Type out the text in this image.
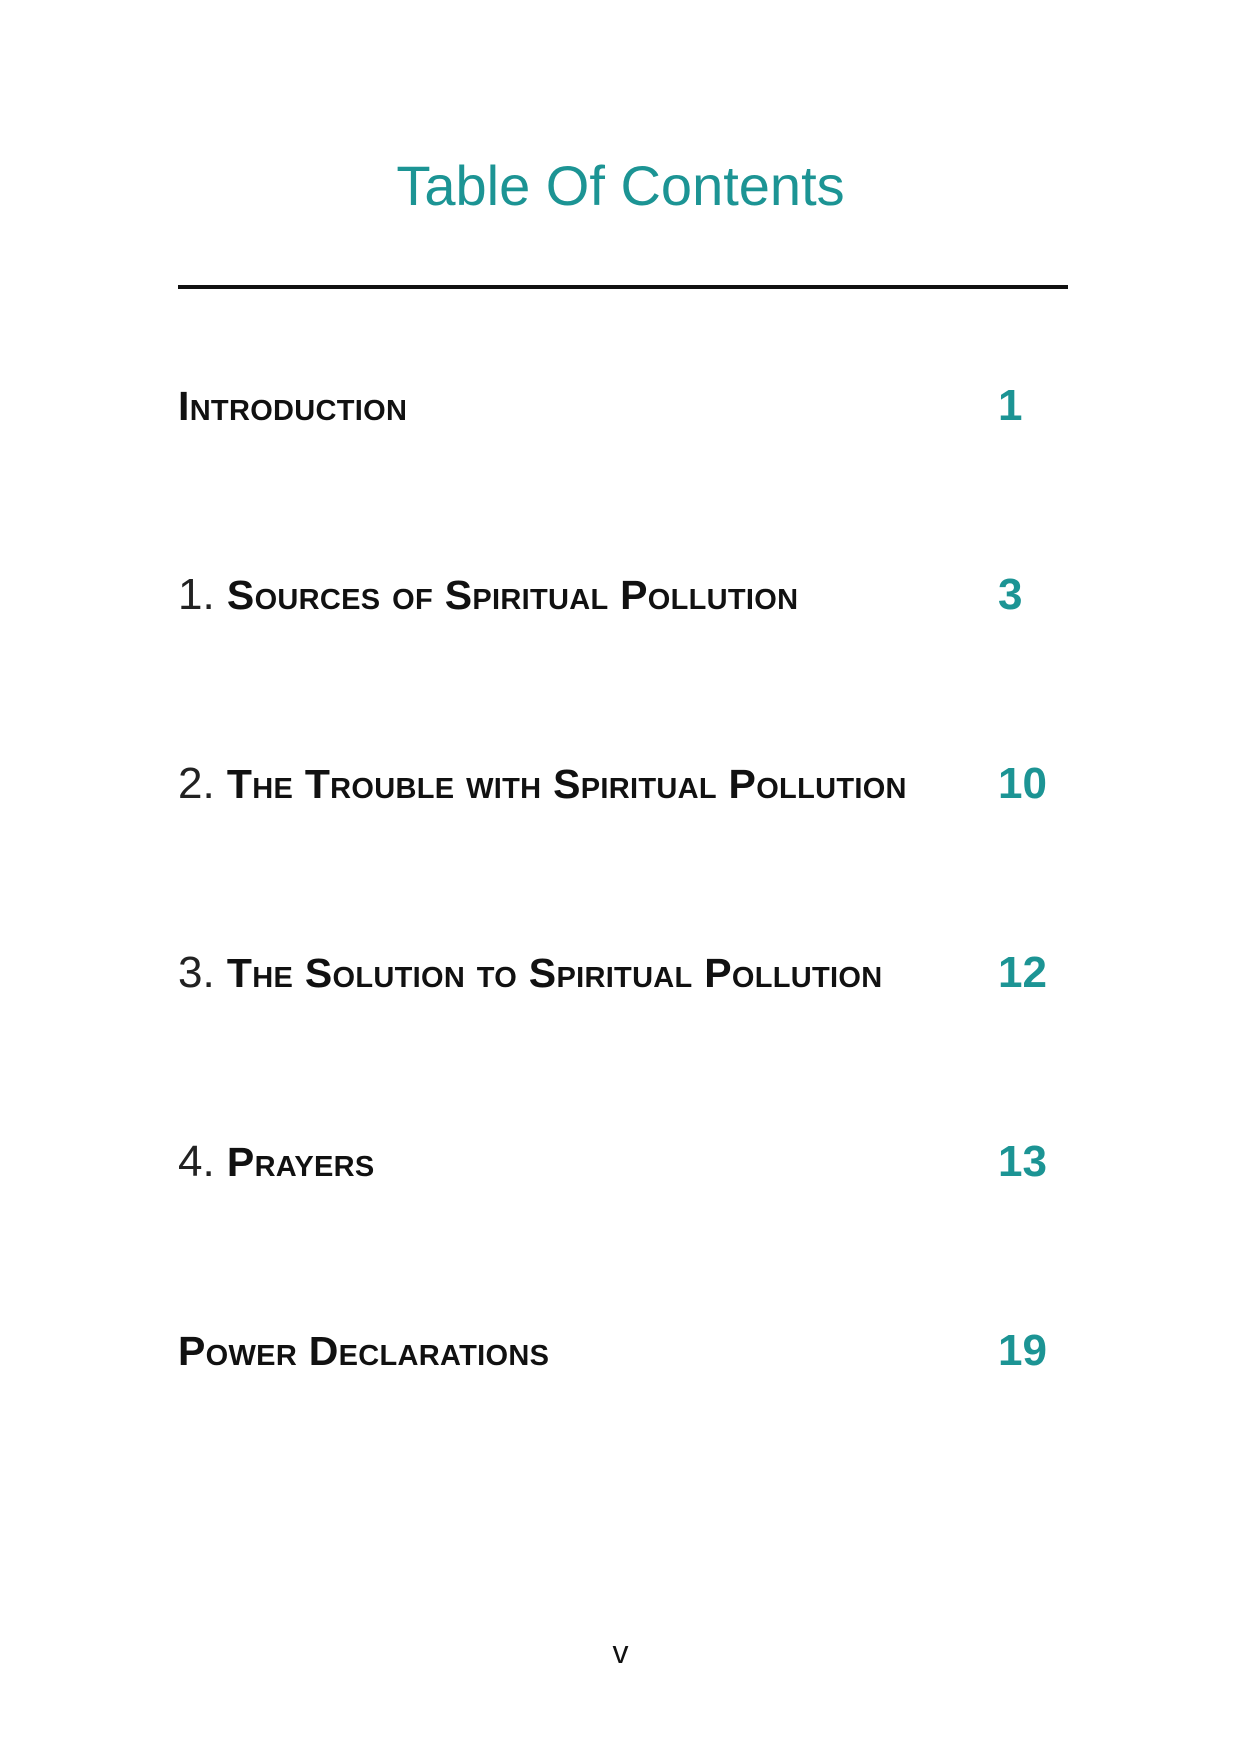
Table Of Contents
Introduction	1
1. Sources of Spiritual Pollution	3
2. The Trouble with Spiritual Pollution 10
3. The Solution to Spiritual Pollution	12
4. Prayers	13
Power Declarations	19
v
